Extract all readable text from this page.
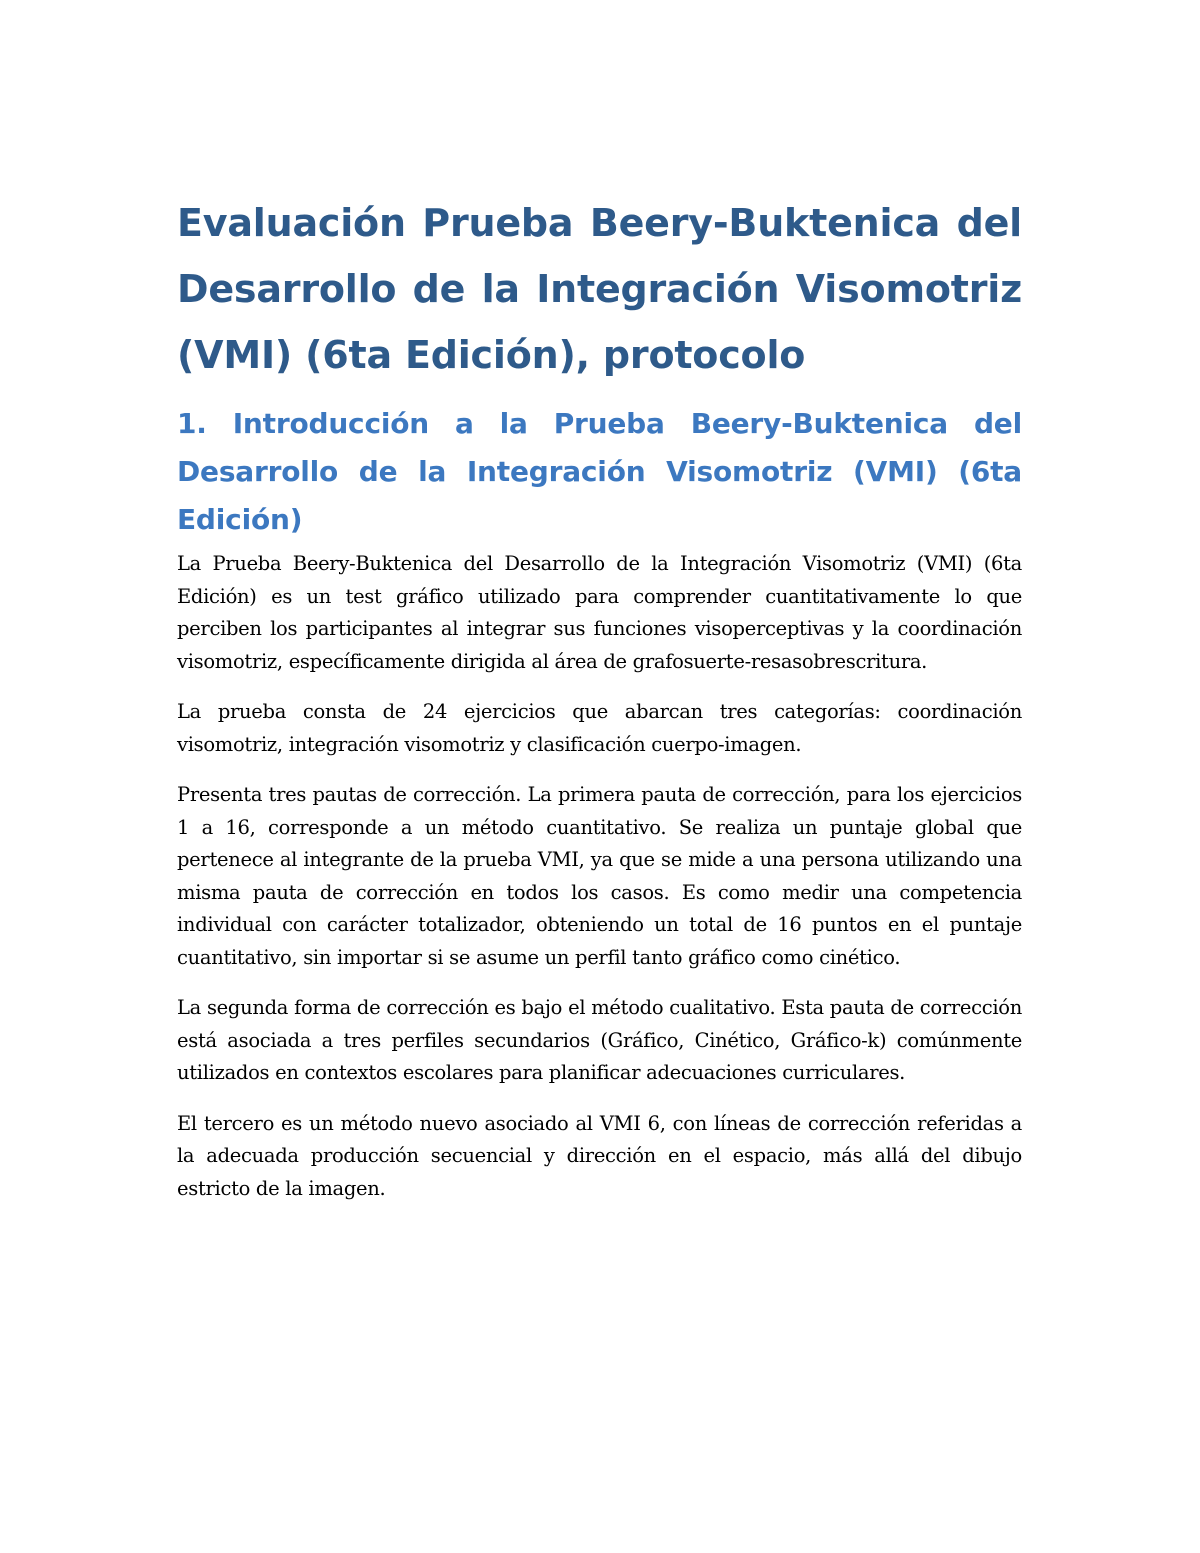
Evaluación Prueba Beery-Buktenica del Desarrollo de la Integración Visomotriz (VMI) (6ta Edición), protocolo
1. Introducción a la Prueba Beery-Buktenica del Desarrollo de la Integración Visomotriz (VMI) (6ta Edición)

La Prueba Beery-Buktenica del Desarrollo de la Integración Visomotriz (VMI) (6ta Edición) es un test gráfico utilizado para comprender cuantitativamente lo que perciben los participantes al integrar sus funciones visoperceptivas y la coordinación visomotriz, específicamente dirigida al área de grafosuerte-resasobrescritura.

La prueba consta de 24 ejercicios que abarcan tres categorías: coordinación visomotriz, integración visomotriz y clasificación cuerpo-imagen.

Presenta tres pautas de corrección. La primera pauta de corrección, para los ejercicios 1 a 16, corresponde a un método cuantitativo. Se realiza un puntaje global que pertenece al integrante de la prueba VMI, ya que se mide a una persona utilizando una misma pauta de corrección en todos los casos. Es como medir una competencia individual con carácter totalizador, obteniendo un total de 16 puntos en el puntaje cuantitativo, sin importar si se asume un perfil tanto gráfico como cinético.

La segunda forma de corrección es bajo el método cualitativo. Esta pauta de corrección está asociada a tres perfiles secundarios (Gráfico, Cinético, Gráfico-k) comúnmente utilizados en contextos escolares para planificar adecuaciones curriculares.

El tercero es un método nuevo asociado al VMI 6, con líneas de corrección referidas a la adecuada producción secuencial y dirección en el espacio, más allá del dibujo estricto de la imagen.
